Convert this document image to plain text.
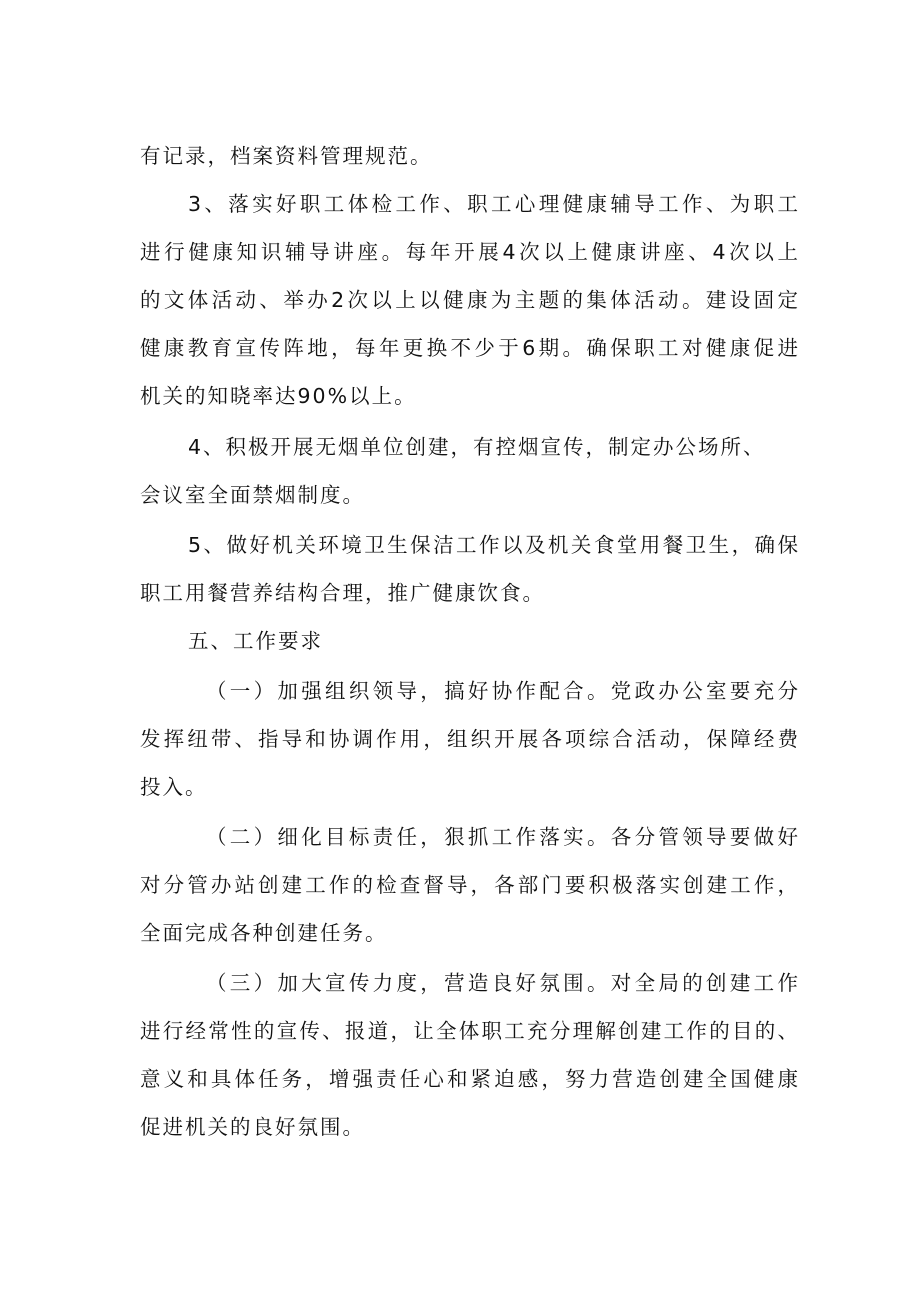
有记录，档案资料管理规范。
3、落实好职工体检工作、职工心理健康辅导工作、为职工
进行健康知识辅导讲座。每年开展4次以上健康讲座、4次以上
的文体活动、举办2次以上以健康为主题的集体活动。建设固定
健康教育宣传阵地，每年更换不少于6期。确保职工对健康促进
机关的知晓率达90%以上。
4、积极开展无烟单位创建，有控烟宣传，制定办公场所、
会议室全面禁烟制度。
5、做好机关环境卫生保洁工作以及机关食堂用餐卫生，确保
职工用餐营养结构合理，推广健康饮食。
五、工作要求
（一）加强组织领导，搞好协作配合。党政办公室要充分
发挥纽带、指导和协调作用，组织开展各项综合活动，保障经费
投入。
（二）细化目标责任，狠抓工作落实。各分管领导要做好
对分管办站创建工作的检查督导，各部门要积极落实创建工作，
全面完成各种创建任务。
（三）加大宣传力度，营造良好氛围。对全局的创建工作
进行经常性的宣传、报道，让全体职工充分理解创建工作的目的、
意义和具体任务，增强责任心和紧迫感，努力营造创建全国健康
促进机关的良好氛围。
